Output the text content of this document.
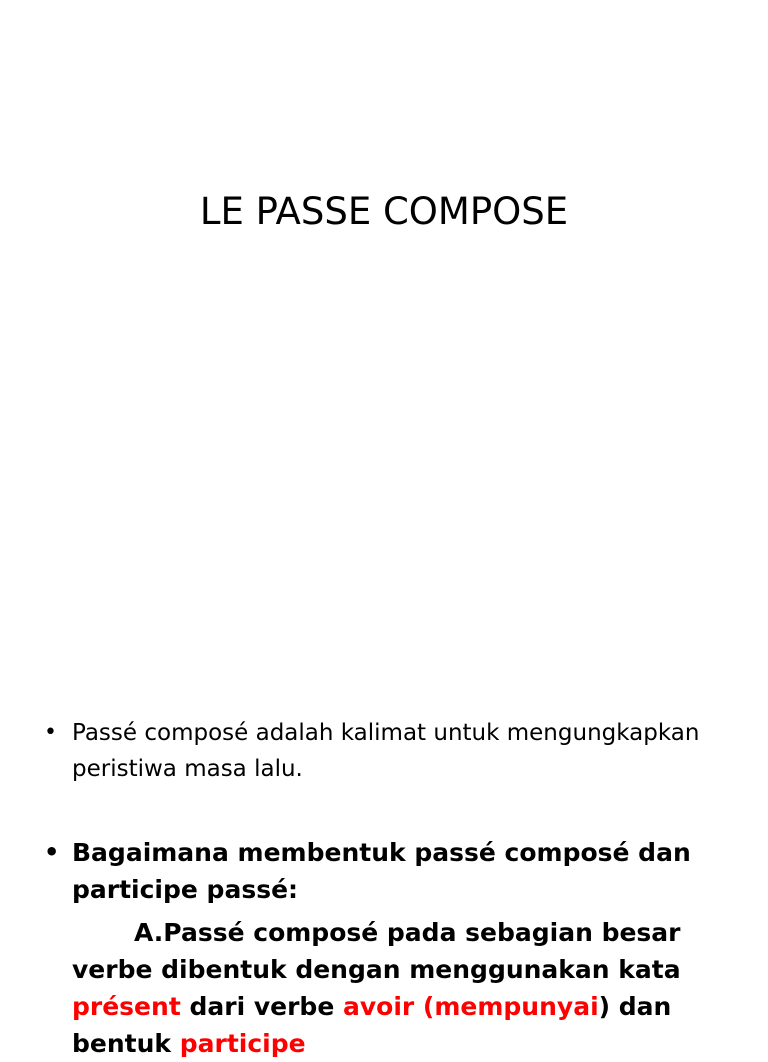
LE PASSE COMPOSE
• Passé composé adalah kalimat untuk mengungkapkan peristiwa masa lalu.
• Bagaimana membentuk passé composé dan participe passé:
A.Passé composé pada sebagian besar verbe dibentuk dengan menggunakan kata présent dari verbe avoir (mempunyai) dan bentuk participe
